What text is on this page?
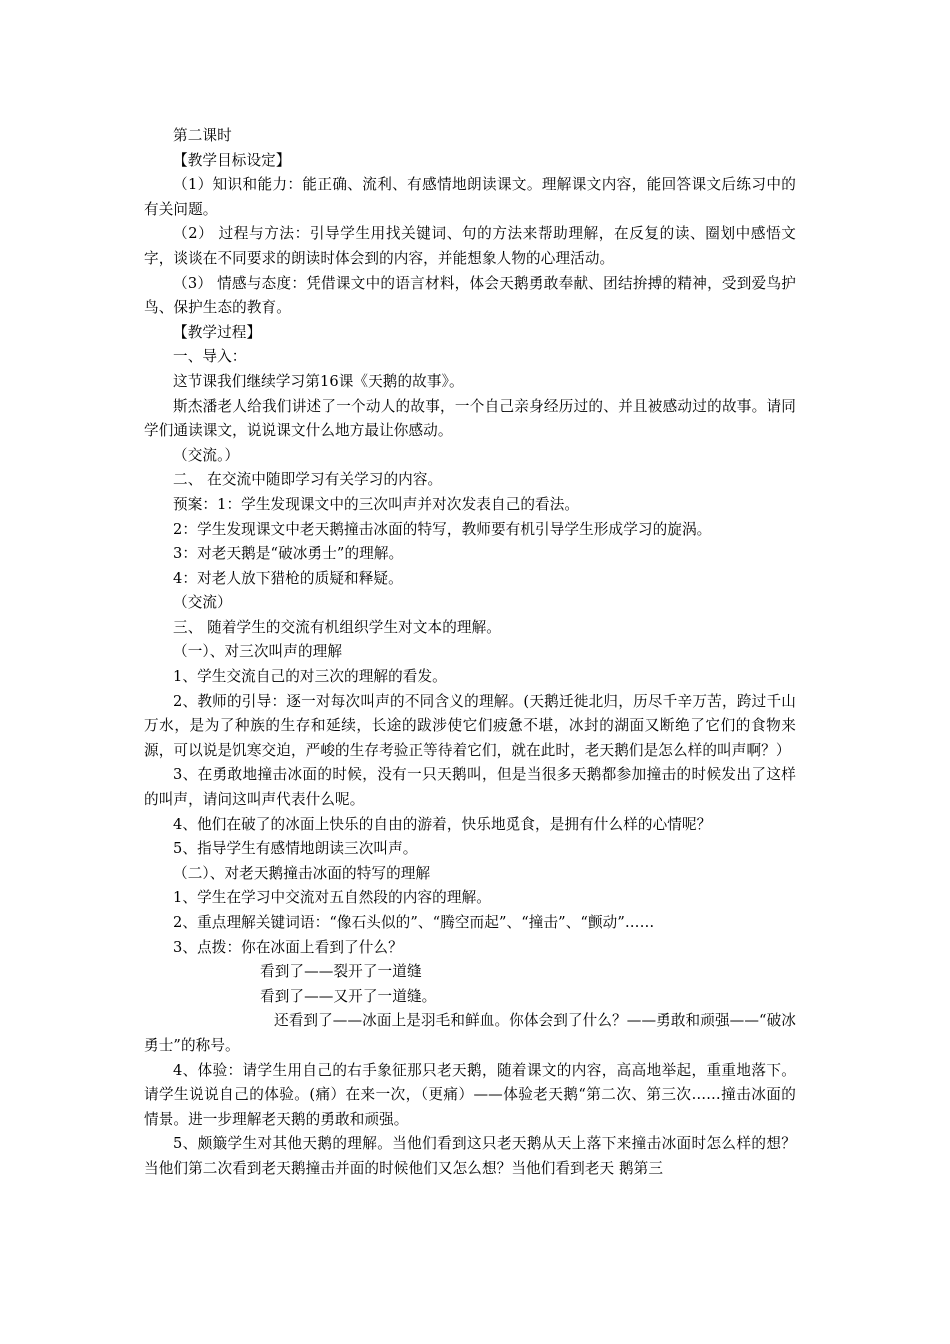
第二课时

【教学目标设定】

（1）知识和能力：能正确、流利、有感情地朗读课文。理解课文内容，能回答课文后练习中的有关问题。

（2） 过程与方法：引导学生用找关键词、句的方法来帮助理解，在反复的读、圈划中感悟文字，谈谈在不同要求的朗读时体会到的内容，并能想象人物的心理活动。

（3） 情感与态度：凭借课文中的语言材料，体会天鹅勇敢奉献、团结拚搏的精神，受到爱鸟护鸟、保护生态的教育。

【教学过程】

一、导入：

这节课我们继续学习第16课《天鹅的故事》。

斯杰潘老人给我们讲述了一个动人的故事，一个自己亲身经历过的、并且被感动过的故事。请同学们通读课文，说说课文什么地方最让你感动。

（交流。）

二、 在交流中随即学习有关学习的内容。

预案：1：学生发现课文中的三次叫声并对次发表自己的看法。

2：学生发现课文中老天鹅撞击冰面的特写，教师要有机引导学生形成学习的旋涡。

3：对老天鹅是“破冰勇士”的理解。

4：对老人放下猎枪的质疑和释疑。

（交流）

三、 随着学生的交流有机组织学生对文本的理解。

（一）、对三次叫声的理解

1、学生交流自己的对三次的理解的看发。

2、教师的引导：逐一对每次叫声的不同含义的理解。(天鹅迁徙北归，历尽千辛万苦，跨过千山万水，是为了种族的生存和延续，长途的跋涉使它们疲惫不堪，冰封的湖面又断绝了它们的食物来源，可以说是饥寒交迫，严峻的生存考验正等待着它们，就在此时，老天鹅们是怎么样的叫声啊？）

3、在勇敢地撞击冰面的时候，没有一只天鹅叫，但是当很多天鹅都参加撞击的时候发出了这样的叫声，请问这叫声代表什么呢。

4、他们在破了的冰面上快乐的自由的游着，快乐地觅食，是拥有什么样的心情呢？

5、指导学生有感情地朗读三次叫声。

（二）、对老天鹅撞击冰面的特写的理解

1、学生在学习中交流对五自然段的内容的理解。

2、重点理解关键词语：“像石头似的”、“腾空而起”、“撞击”、“颤动”……

3、点拨：你在冰面上看到了什么？

看到了——裂开了一道缝

看到了——又开了一道缝。

还看到了——冰面上是羽毛和鲜血。你体会到了什么？——勇敢和顽强——“破冰勇士”的称号。

4、体验：请学生用自己的右手象征那只老天鹅，随着课文的内容，高高地举起，重重地落下。请学生说说自己的体验。(痛）在来一次，（更痛）——体验老天鹅“第二次、第三次……撞击冰面的情景。进一步理解老天鹅的勇敢和顽强。

5、颇簸学生对其他天鹅的理解。当他们看到这只老天鹅从天上落下来撞击冰面时怎么样的想？当他们第二次看到老天鹅撞击并面的时候他们又怎么想？当他们看到老天 鹅第三
